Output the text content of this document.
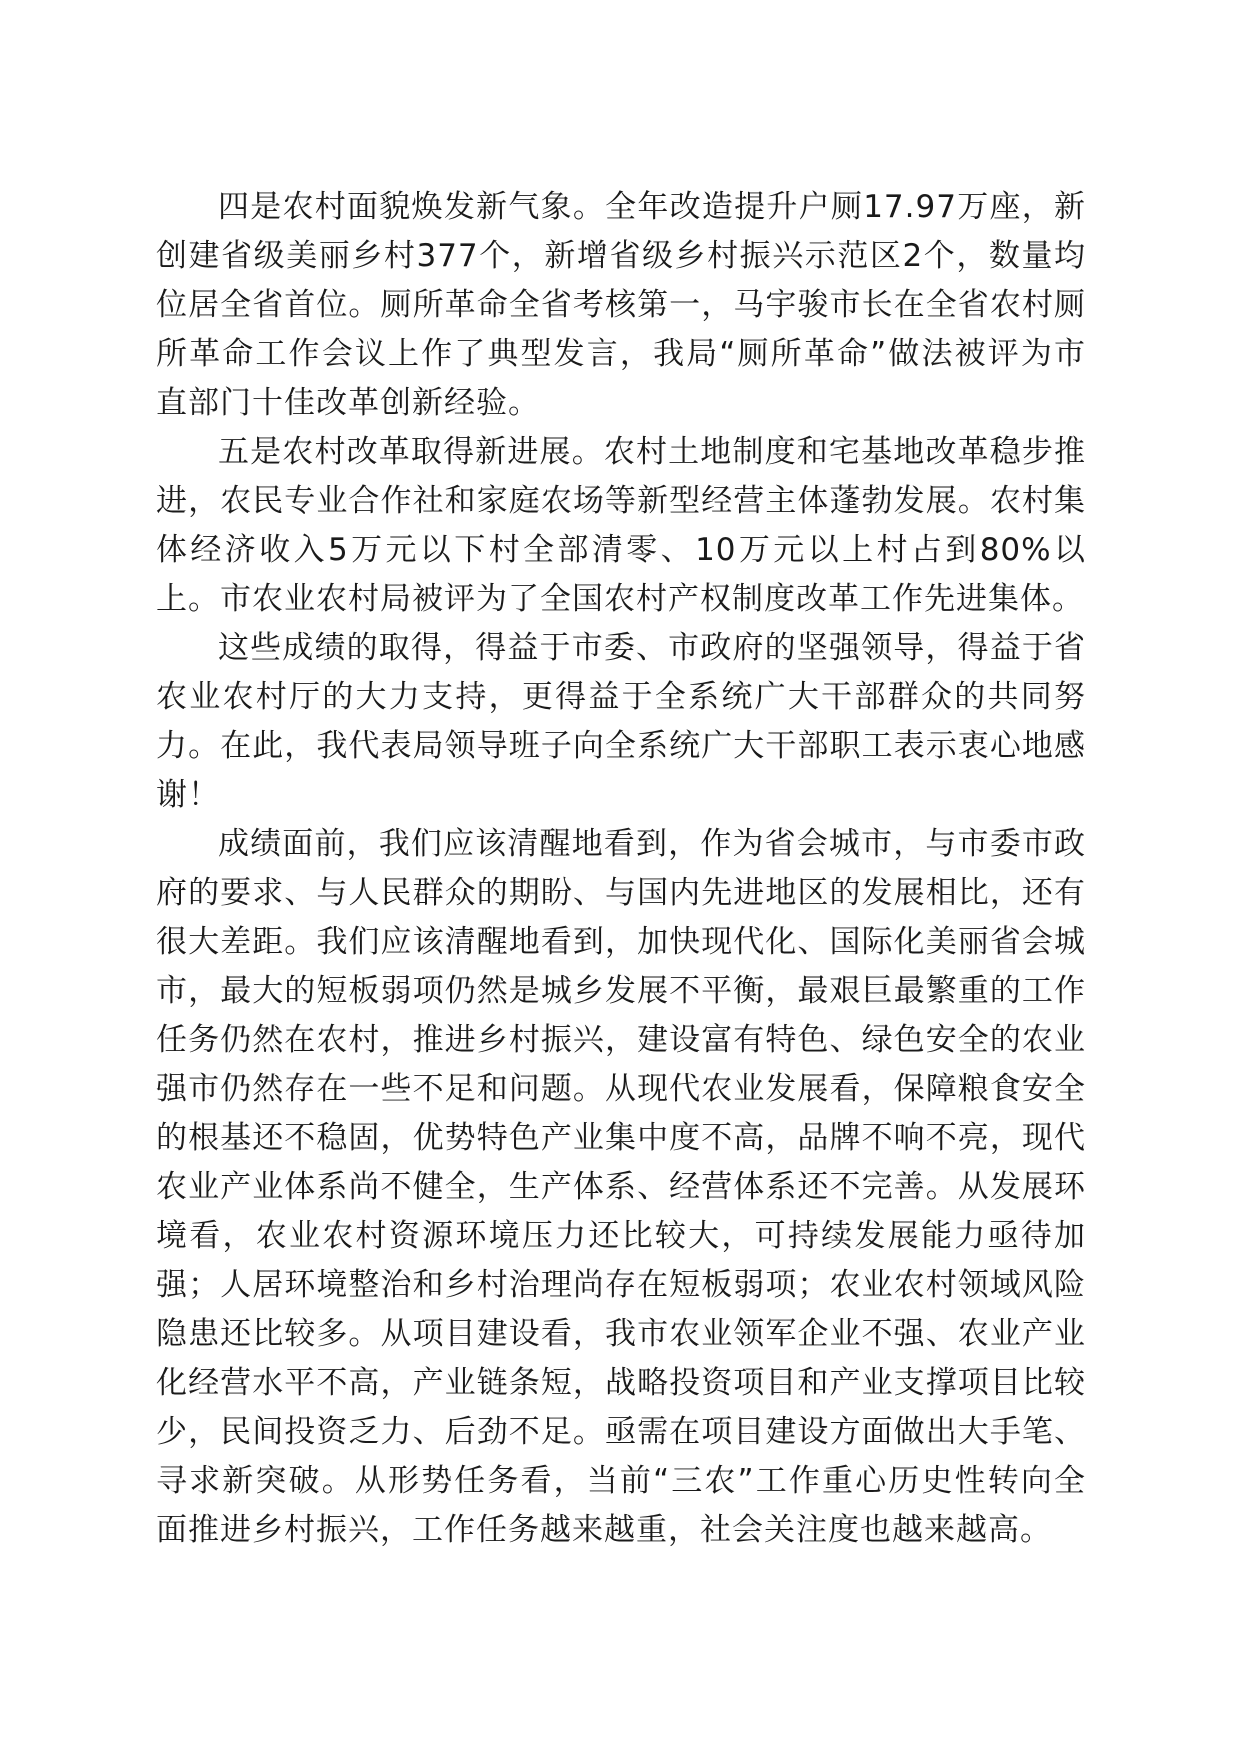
四是农村面貌焕发新气象。全年改造提升户厕17.97万座，新创建省级美丽乡村377个，新增省级乡村振兴示范区2个，数量均位居全省首位。厕所革命全省考核第一，马宇骏市长在全省农村厕所革命工作会议上作了典型发言，我局“厕所革命”做法被评为市直部门十佳改革创新经验。

五是农村改革取得新进展。农村土地制度和宅基地改革稳步推进，农民专业合作社和家庭农场等新型经营主体蓬勃发展。农村集体经济收入5万元以下村全部清零、10万元以上村占到80%以上。市农业农村局被评为了全国农村产权制度改革工作先进集体。

这些成绩的取得，得益于市委、市政府的坚强领导，得益于省农业农村厅的大力支持，更得益于全系统广大干部群众的共同努力。在此，我代表局领导班子向全系统广大干部职工表示衷心地感谢！

成绩面前，我们应该清醒地看到，作为省会城市，与市委市政府的要求、与人民群众的期盼、与国内先进地区的发展相比，还有很大差距。我们应该清醒地看到，加快现代化、国际化美丽省会城市，最大的短板弱项仍然是城乡发展不平衡，最艰巨最繁重的工作任务仍然在农村，推进乡村振兴，建设富有特色、绿色安全的农业强市仍然存在一些不足和问题。从现代农业发展看，保障粮食安全的根基还不稳固，优势特色产业集中度不高，品牌不响不亮，现代农业产业体系尚不健全，生产体系、经营体系还不完善。从发展环境看，农业农村资源环境压力还比较大，可持续发展能力亟待加强；人居环境整治和乡村治理尚存在短板弱项；农业农村领域风险隐患还比较多。从项目建设看，我市农业领军企业不强、农业产业化经营水平不高，产业链条短，战略投资项目和产业支撑项目比较少，民间投资乏力、后劲不足。亟需在项目建设方面做出大手笔、寻求新突破。从形势任务看，当前“三农”工作重心历史性转向全面推进乡村振兴，工作任务越来越重，社会关注度也越来越高。
